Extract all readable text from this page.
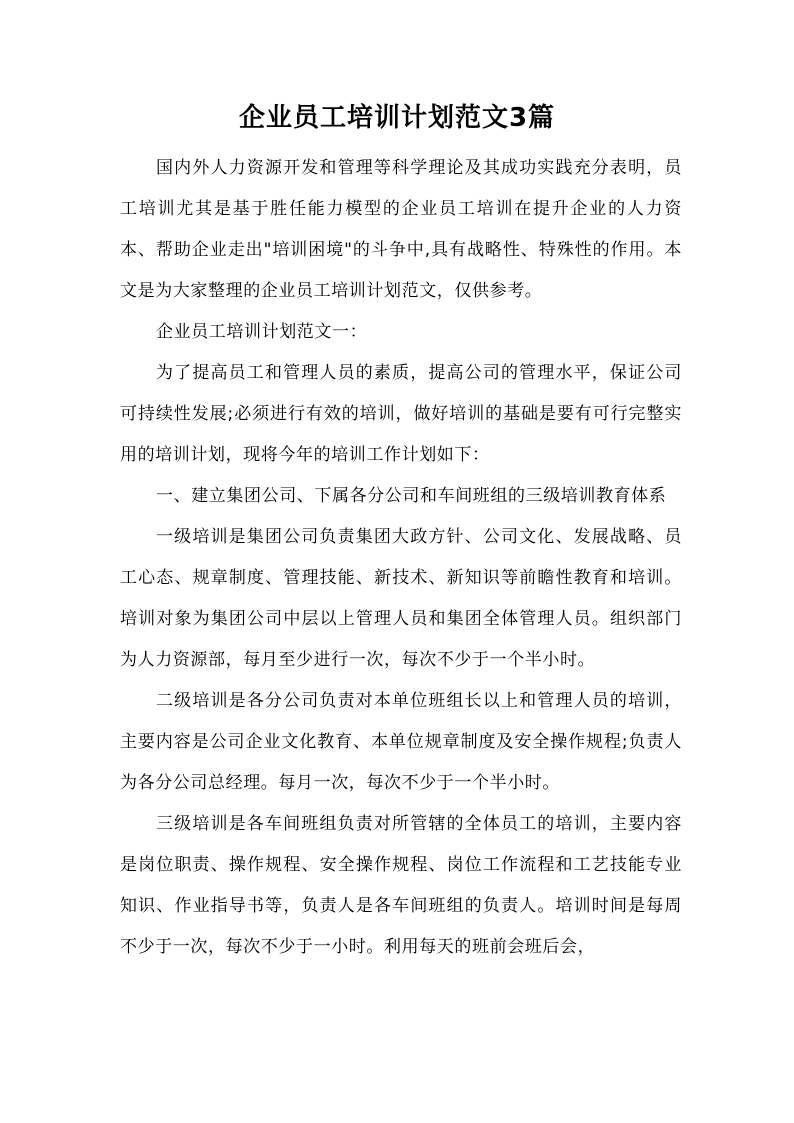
企业员工培训计划范文3篇

国内外人力资源开发和管理等科学理论及其成功实践充分表明，员工培训尤其是基于胜任能力模型的企业员工培训在提升企业的人力资本、帮助企业走出"培训困境"的斗争中,具有战略性、特殊性的作用。本文是为大家整理的企业员工培训计划范文，仅供参考。

企业员工培训计划范文一：

为了提高员工和管理人员的素质，提高公司的管理水平，保证公司可持续性发展;必须进行有效的培训，做好培训的基础是要有可行完整实用的培训计划，现将今年的培训工作计划如下：

一、建立集团公司、下属各分公司和车间班组的三级培训教育体系

一级培训是集团公司负责集团大政方针、公司文化、发展战略、员工心态、规章制度、管理技能、新技术、新知识等前瞻性教育和培训。培训对象为集团公司中层以上管理人员和集团全体管理人员。组织部门为人力资源部，每月至少进行一次，每次不少于一个半小时。

二级培训是各分公司负责对本单位班组长以上和管理人员的培训，主要内容是公司企业文化教育、本单位规章制度及安全操作规程;负责人为各分公司总经理。每月一次，每次不少于一个半小时。

三级培训是各车间班组负责对所管辖的全体员工的培训，主要内容是岗位职责、操作规程、安全操作规程、岗位工作流程和工艺技能专业知识、作业指导书等，负责人是各车间班组的负责人。培训时间是每周不少于一次，每次不少于一小时。利用每天的班前会班后会，
